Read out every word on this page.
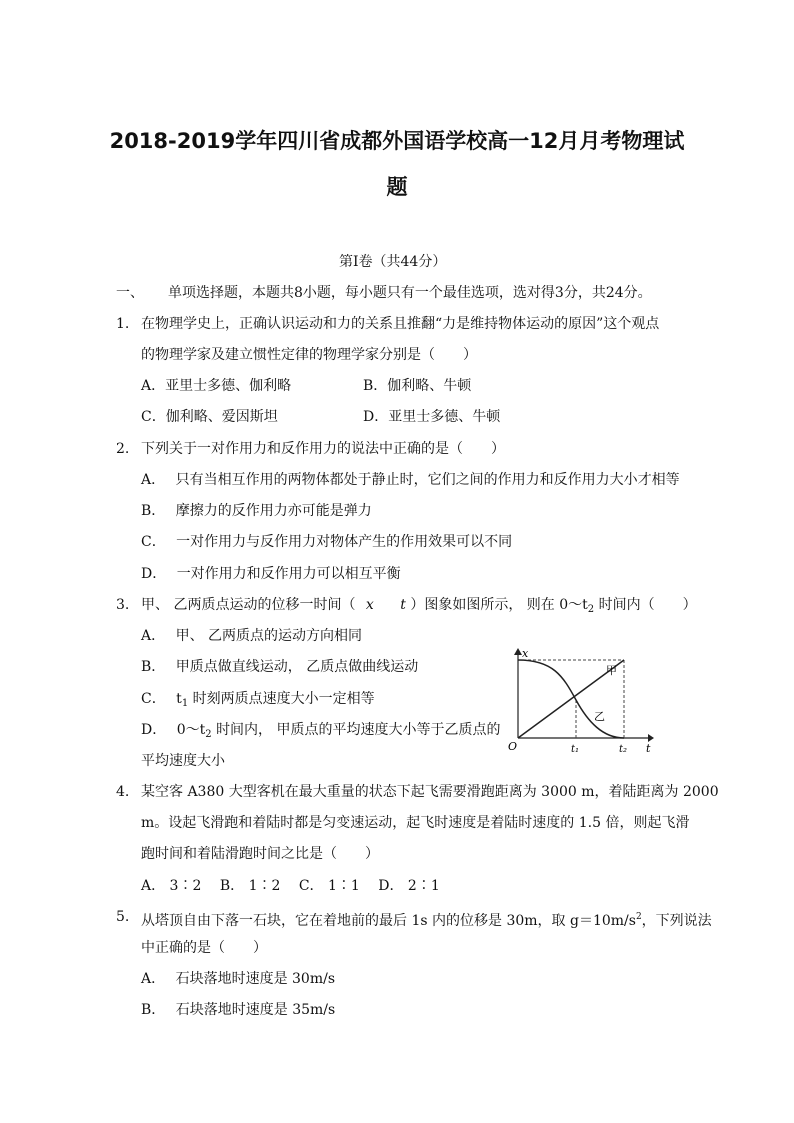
2018-2019学年四川省成都外国语学校高一12月月考物理试题
第Ⅰ卷（共44分）
一、 单项选择题，本题共8小题，每小题只有一个最佳选项，选对得3分，共24分。
1. 在物理学史上，正确认识运动和力的关系且推翻“力是维持物体运动的原因”这个观点
的物理学家及建立惯性定律的物理学家分别是（　　）
A．亚里士多德、伽利略	B．伽利略、牛顿
C．伽利略、爱因斯坦	D．亚里士多德、牛顿
2. 下列关于一对作用力和反作用力的说法中正确的是（　　）
A． 只有当相互作用的两物体都处于静止时，它们之间的作用力和反作用力大小才相等
B． 摩擦力的反作用力亦可能是弹力
C． 一对作用力与反作用力对物体产生的作用效果可以不同
D． 一对作用力和反作用力可以相互平衡
3. 甲、 乙两质点运动的位移一时间（ x t ）图象如图所示， 则在 $0\sim t_2$ 时间内（　　）
A． 甲、 乙两质点的运动方向相同
B． 甲质点做直线运动， 乙质点做曲线运动
C． $t_1$ 时刻两质点速度大小一定相等
D． $0\sim t_2$ 时间内， 甲质点的平均速度大小等于乙质点的
平均速度大小
x
t
O
甲
乙
t₁	t₂
4. 某空客 A380 大型客机在最大重量的状态下起飞需要滑跑距离为 3000 m，着陆距离为 2000
m。设起飞滑跑和着陆时都是匀变速运动，起飞时速度是着陆时速度的 1.5 倍，则起飞滑
跑时间和着陆滑跑时间之比是（　　）
A． 3∶2　 B． 1∶2　 C． 1∶1　 D． 2∶1
5. 从塔顶自由下落一石块，它在着地前的最后 1s 内的位移是 30m，取 $g=10m/s^2$，下列说法
中正确的是（　　）
A． 石块落地时速度是 30m/s
B． 石块落地时速度是 35m/s
